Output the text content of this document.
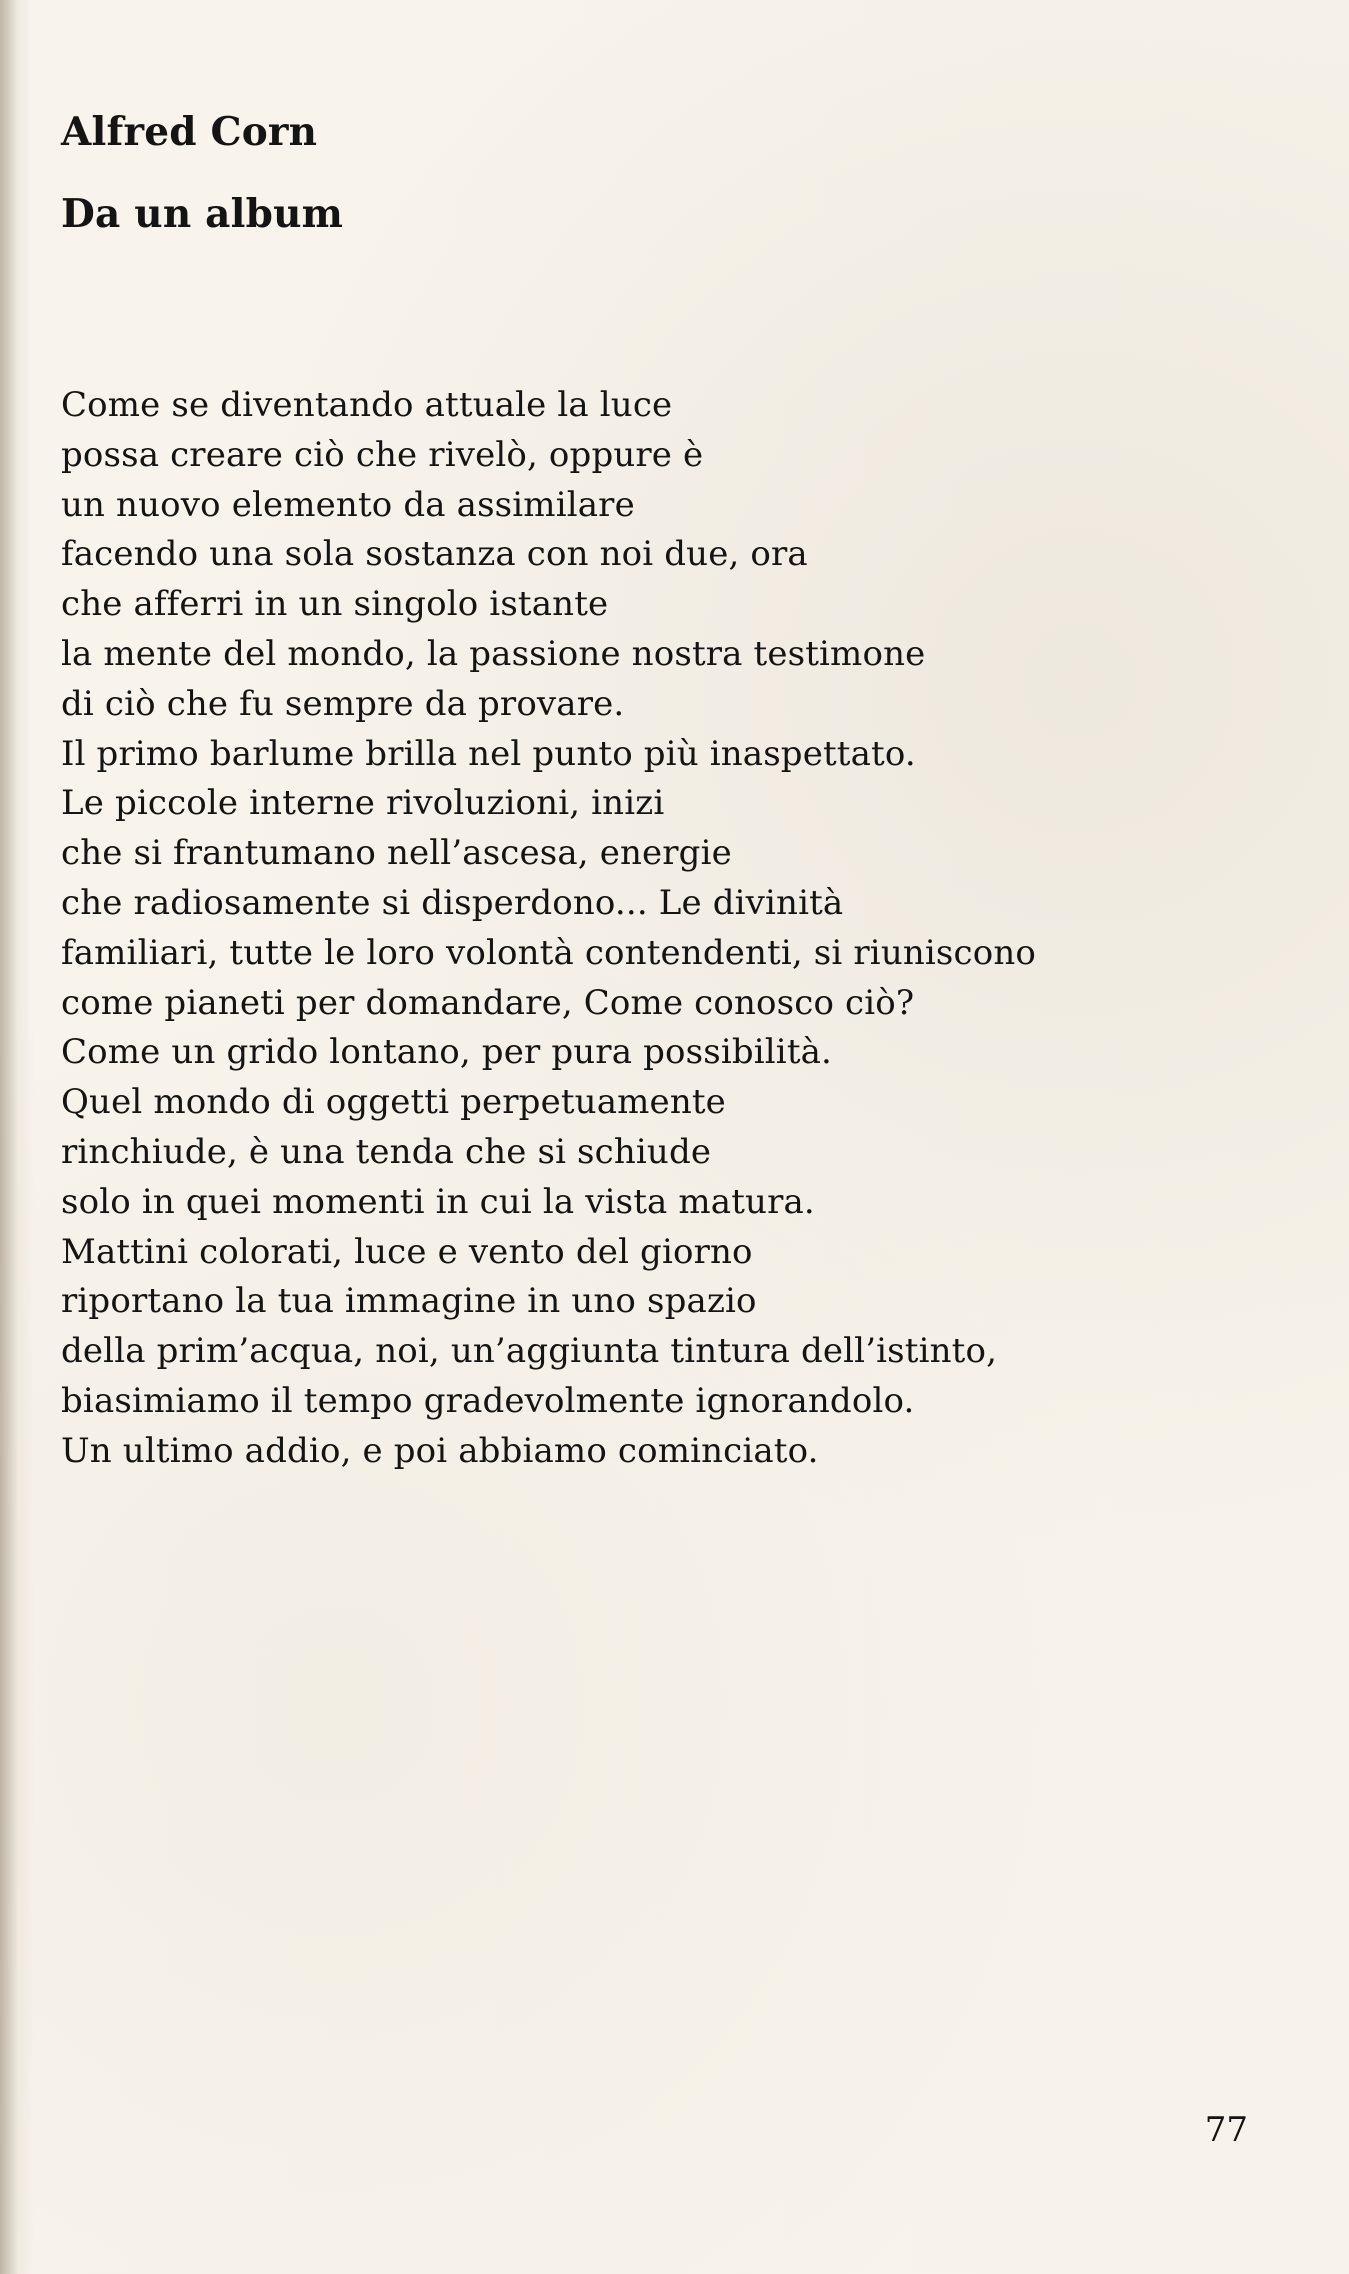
Alfred Corn
Da un album
Come se diventando attuale la luce
possa creare ciò che rivelò, oppure è
un nuovo elemento da assimilare
facendo una sola sostanza con noi due, ora
che afferri in un singolo istante
la mente del mondo, la passione nostra testimone
di ciò che fu sempre da provare.
Il primo barlume brilla nel punto più inaspettato.
Le piccole interne rivoluzioni, inizi
che si frantumano nell’ascesa, energie
che radiosamente si disperdono... Le divinità
familiari, tutte le loro volontà contendenti, si riuniscono
come pianeti per domandare, Come conosco ciò?
Come un grido lontano, per pura possibilità.
Quel mondo di oggetti perpetuamente
rinchiude, è una tenda che si schiude
solo in quei momenti in cui la vista matura.
Mattini colorati, luce e vento del giorno
riportano la tua immagine in uno spazio
della prim’acqua, noi, un’aggiunta tintura dell’istinto,
biasimiamo il tempo gradevolmente ignorandolo.
Un ultimo addio, e poi abbiamo cominciato.
77
